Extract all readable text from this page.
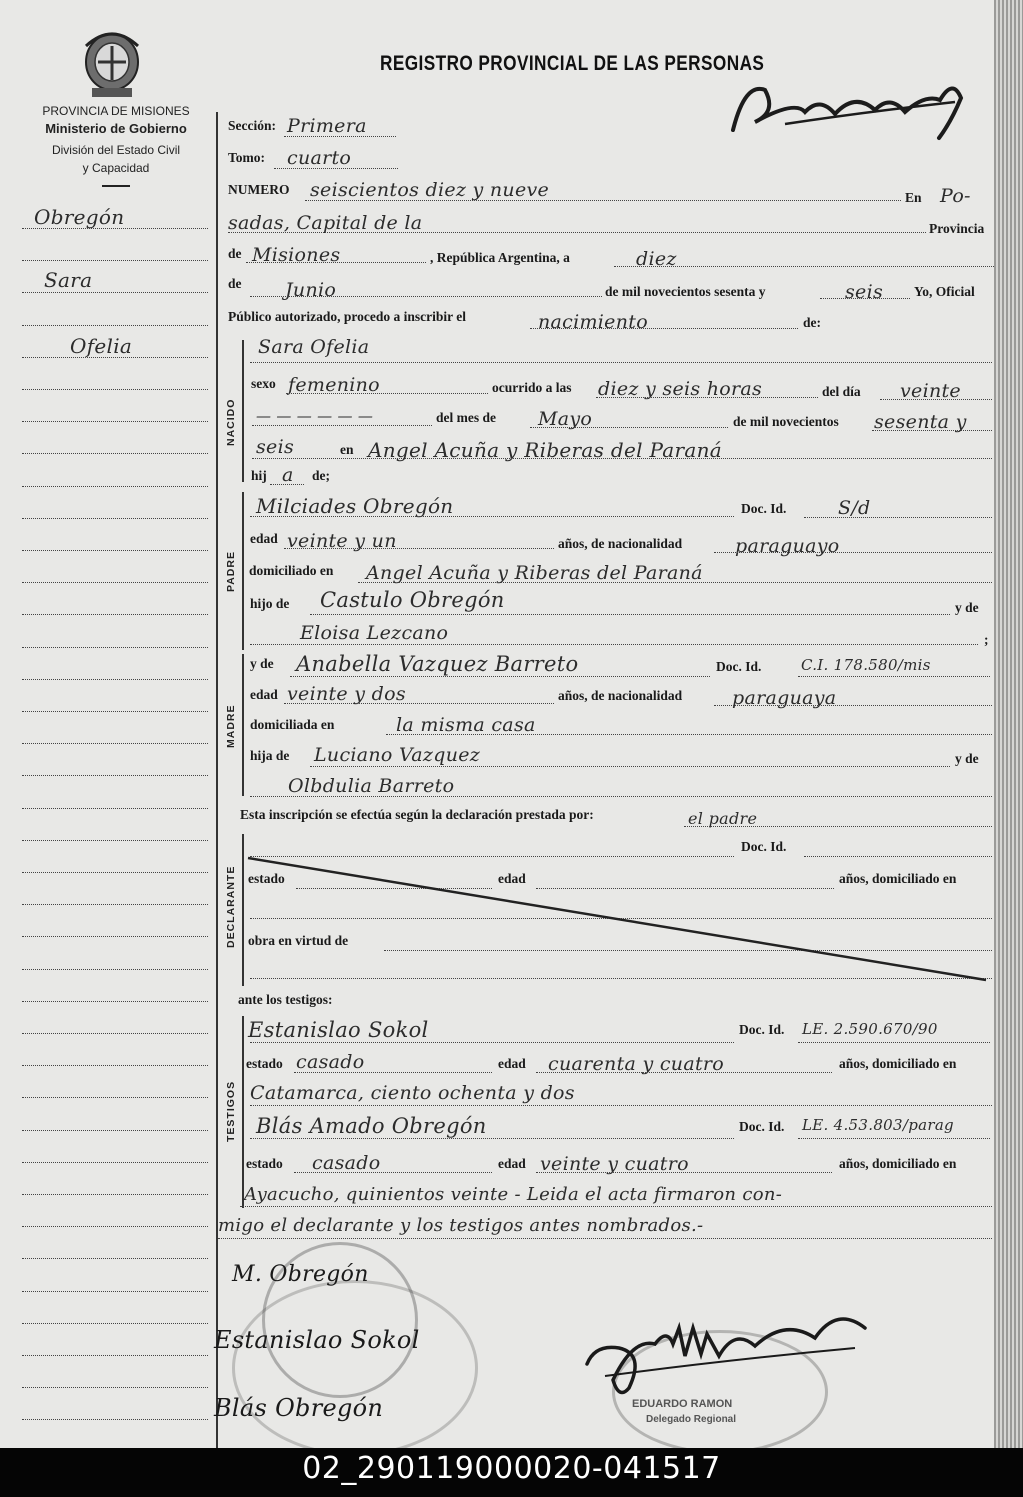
PROVINCIA DE MISIONES
Ministerio de Gobierno
División del Estado Civil
y Capacidad
REGISTRO PROVINCIAL DE LAS PERSONAS
Obregón
Sara
Ofelia
Sección: Primera
Tomo: cuarto
NUMERO seiscientos diez y nueve	En Po-
sadas, Capital de la	Provincia
de Misiones	, República Argentina, a	diez
de Junio	de mil novecientos sesenta y	seis Yo, Oficial
Público autorizado, procedo a inscribir el	nacimiento	de:
NACIDO
Sara Ofelia
sexo femenino	ocurrido a las diez y seis horas	del día veinte
— — — — — —	del mes de Mayo	de mil novecientos sesenta y
seis	en Angel Acuña y Riberas del Paraná
hij a de;
PADRE
Milciades Obregón	Doc. Id.	S/d
edad veinte y un	años, de nacionalidad	paraguayo
domiciliado en Angel Acuña y Riberas del Paraná
hijo de Castulo Obregón	y de
Eloisa Lezcano	;
MADRE
y de Anabella Vazquez Barreto	Doc. Id.	C.I. 178.580/mis
edad veinte y dos	años, de nacionalidad	paraguaya
domiciliada en	la misma casa
hija de Luciano Vazquez	y de
Olbdulia Barreto
Esta inscripción se efectúa según la declaración prestada por:	el padre
DECLARANTE
Doc. Id.
estado	edad	años, domiciliado en
obra en virtud de
ante los testigos:
TESTIGOS
Estanislao Sokol	Doc. Id. LE. 2.590.670/90
estado casado	edad cuarenta y cuatro	años, domiciliado en
Catamarca, ciento ochenta y dos
Blás Amado Obregón	Doc. Id. LE. 4.53.803/parag
estado casado	edad veinte y cuatro	años, domiciliado en
Ayacucho, quinientos veinte - Leida el acta firmaron con-
migo el declarante y los testigos antes nombrados.-
M. Obregón
Estanislao Sokol
Blás Obregón	EDUARDO RAMON
Delegado Regional
02_290119000020-041517
